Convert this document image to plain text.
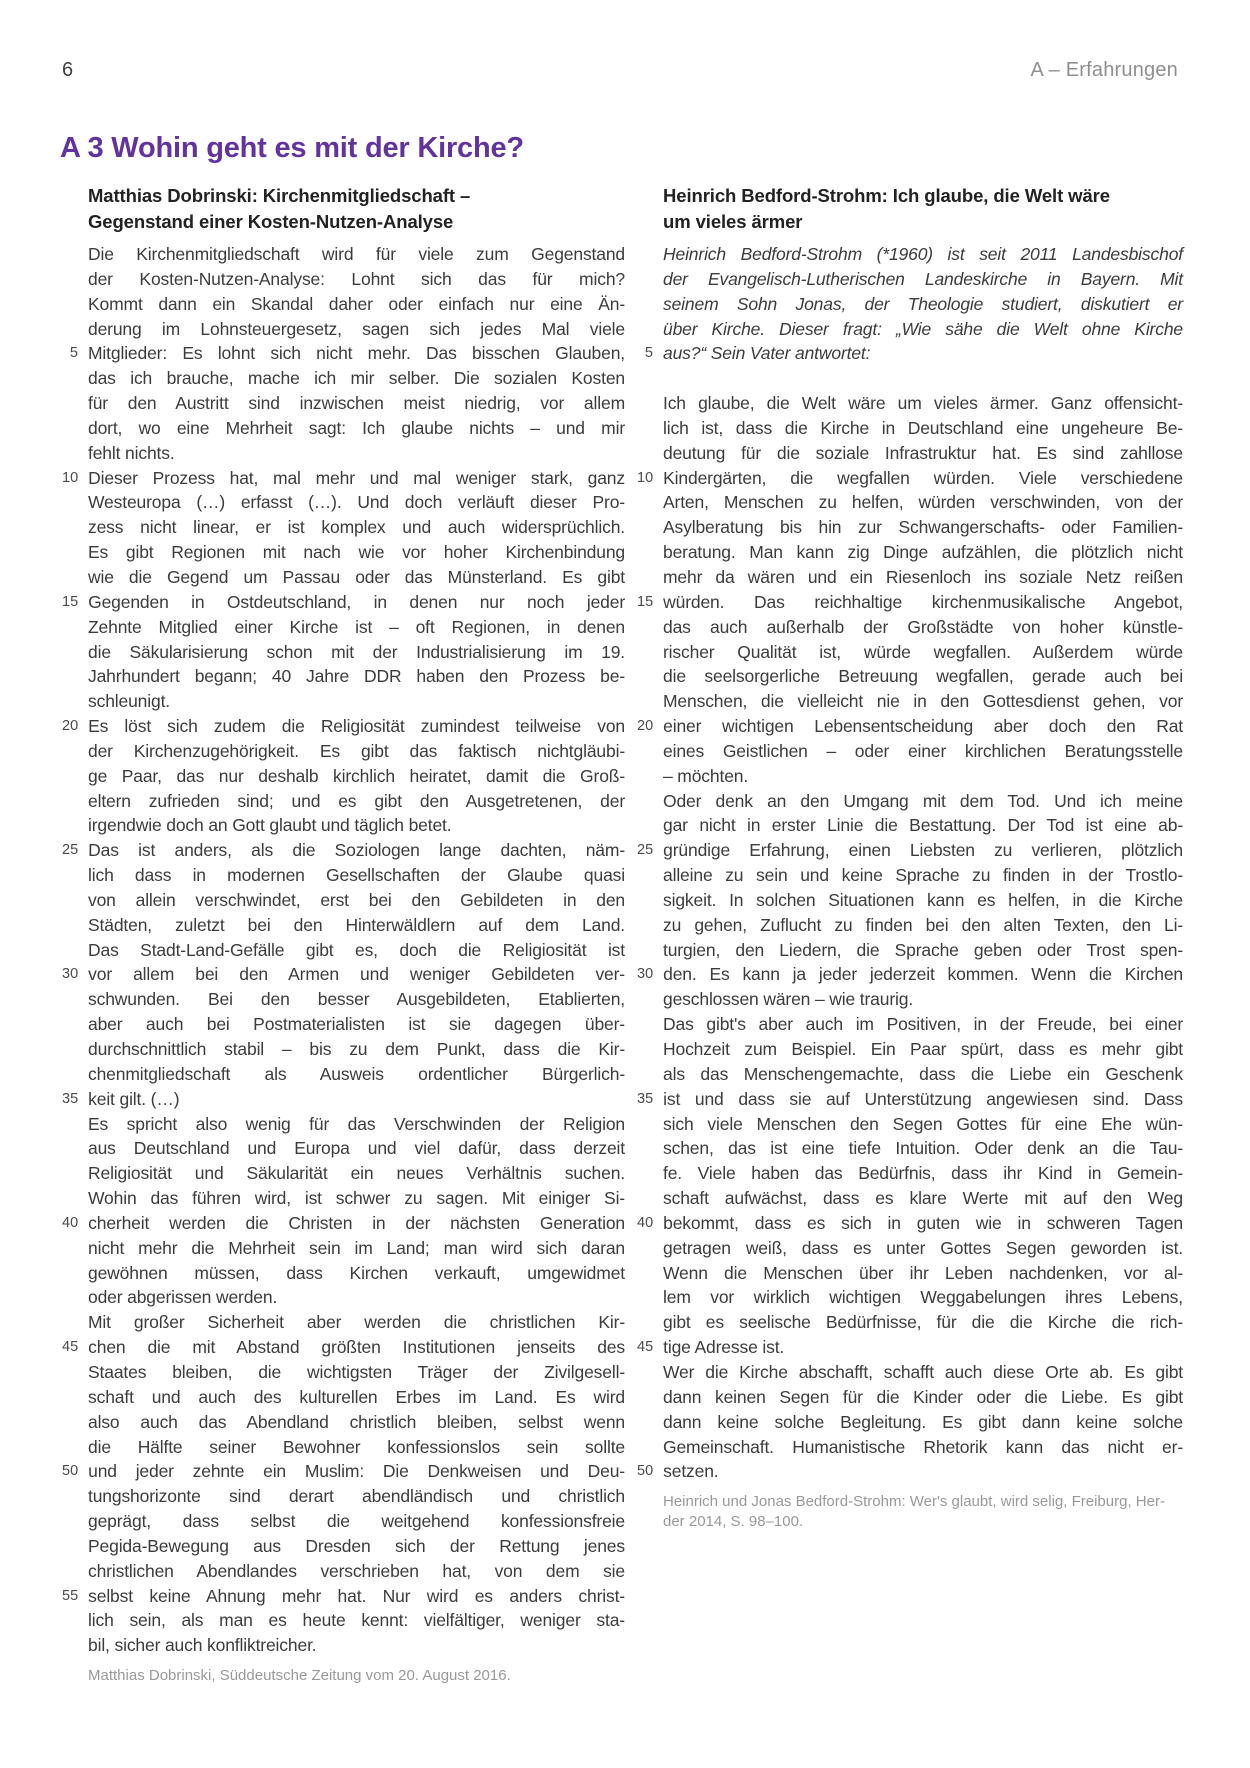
6	A – Erfahrungen
A 3 Wohin geht es mit der Kirche?
Matthias Dobrinski: Kirchenmitgliedschaft –
Gegenstand einer Kosten-Nutzen-Analyse
Die Kirchenmitgliedschaft wird für viele zum Gegenstand
der Kosten-Nutzen-Analyse: Lohnt sich das für mich?
Kommt dann ein Skandal daher oder einfach nur eine Än-
derung im Lohnsteuergesetz, sagen sich jedes Mal viele
5 Mitglieder: Es lohnt sich nicht mehr. Das bisschen Glauben,
das ich brauche, mache ich mir selber. Die sozialen Kosten
für den Austritt sind inzwischen meist niedrig, vor allem
dort, wo eine Mehrheit sagt: Ich glaube nichts – und mir
fehlt nichts.
10 Dieser Prozess hat, mal mehr und mal weniger stark, ganz
Westeuropa (…) erfasst (…). Und doch verläuft dieser Pro-
zess nicht linear, er ist komplex und auch widersprüchlich.
Es gibt Regionen mit nach wie vor hoher Kirchenbindung
wie die Gegend um Passau oder das Münsterland. Es gibt
15 Gegenden in Ostdeutschland, in denen nur noch jeder
Zehnte Mitglied einer Kirche ist – oft Regionen, in denen
die Säkularisierung schon mit der Industrialisierung im 19.
Jahrhundert begann; 40 Jahre DDR haben den Prozess be-
schleunigt.
20 Es löst sich zudem die Religiosität zumindest teilweise von
der Kirchenzugehörigkeit. Es gibt das faktisch nichtgläubi-
ge Paar, das nur deshalb kirchlich heiratet, damit die Groß-
eltern zufrieden sind; und es gibt den Ausgetretenen, der
irgendwie doch an Gott glaubt und täglich betet.
25 Das ist anders, als die Soziologen lange dachten, näm-
lich dass in modernen Gesellschaften der Glaube quasi
von allein verschwindet, erst bei den Gebildeten in den
Städten, zuletzt bei den Hinterwäldlern auf dem Land.
Das Stadt-Land-Gefälle gibt es, doch die Religiosität ist
30 vor allem bei den Armen und weniger Gebildeten ver-
schwunden. Bei den besser Ausgebildeten, Etablierten,
aber auch bei Postmaterialisten ist sie dagegen über-
durchschnittlich stabil – bis zu dem Punkt, dass die Kir-
chenmitgliedschaft als Ausweis ordentlicher Bürgerlich-
35 keit gilt. (…)
Es spricht also wenig für das Verschwinden der Religion
aus Deutschland und Europa und viel dafür, dass derzeit
Religiosität und Säkularität ein neues Verhältnis suchen.
Wohin das führen wird, ist schwer zu sagen. Mit einiger Si-
40 cherheit werden die Christen in der nächsten Generation
nicht mehr die Mehrheit sein im Land; man wird sich daran
gewöhnen müssen, dass Kirchen verkauft, umgewidmet
oder abgerissen werden.
Mit großer Sicherheit aber werden die christlichen Kir-
45 chen die mit Abstand größten Institutionen jenseits des
Staates bleiben, die wichtigsten Träger der Zivilgesell-
schaft und auch des kulturellen Erbes im Land. Es wird
also auch das Abendland christlich bleiben, selbst wenn
die Hälfte seiner Bewohner konfessionslos sein sollte
50 und jeder zehnte ein Muslim: Die Denkweisen und Deu-
tungshorizonte sind derart abendländisch und christlich
geprägt, dass selbst die weitgehend konfessionsfreie
Pegida-Bewegung aus Dresden sich der Rettung jenes
christlichen Abendlandes verschrieben hat, von dem sie
55 selbst keine Ahnung mehr hat. Nur wird es anders christ-
lich sein, als man es heute kennt: vielfältiger, weniger sta-
bil, sicher auch konfliktreicher.
Matthias Dobrinski, Süddeutsche Zeitung vom 20. August 2016.
Heinrich Bedford-Strohm: Ich glaube, die Welt wäre
um vieles ärmer
Heinrich Bedford-Strohm (*1960) ist seit 2011 Landesbischof
der Evangelisch-Lutherischen Landeskirche in Bayern. Mit
seinem Sohn Jonas, der Theologie studiert, diskutiert er
über Kirche. Dieser fragt: „Wie sähe die Welt ohne Kirche
5 aus?“ Sein Vater antwortet:
Ich glaube, die Welt wäre um vieles ärmer. Ganz offensicht-
lich ist, dass die Kirche in Deutschland eine ungeheure Be-
deutung für die soziale Infrastruktur hat. Es sind zahllose
10 Kindergärten, die wegfallen würden. Viele verschiedene
Arten, Menschen zu helfen, würden verschwinden, von der
Asylberatung bis hin zur Schwangerschafts- oder Familien-
beratung. Man kann zig Dinge aufzählen, die plötzlich nicht
mehr da wären und ein Riesenloch ins soziale Netz reißen
15 würden. Das reichhaltige kirchenmusikalische Angebot,
das auch außerhalb der Großstädte von hoher künstle-
rischer Qualität ist, würde wegfallen. Außerdem würde
die seelsorgerliche Betreuung wegfallen, gerade auch bei
Menschen, die vielleicht nie in den Gottesdienst gehen, vor
20 einer wichtigen Lebensentscheidung aber doch den Rat
eines Geistlichen – oder einer kirchlichen Beratungsstelle
– möchten.
Oder denk an den Umgang mit dem Tod. Und ich meine
gar nicht in erster Linie die Bestattung. Der Tod ist eine ab-
25 gründige Erfahrung, einen Liebsten zu verlieren, plötzlich
alleine zu sein und keine Sprache zu finden in der Trostlo-
sigkeit. In solchen Situationen kann es helfen, in die Kirche
zu gehen, Zuflucht zu finden bei den alten Texten, den Li-
turgien, den Liedern, die Sprache geben oder Trost spen-
30 den. Es kann ja jeder jederzeit kommen. Wenn die Kirchen
geschlossen wären – wie traurig.
Das gibt's aber auch im Positiven, in der Freude, bei einer
Hochzeit zum Beispiel. Ein Paar spürt, dass es mehr gibt
als das Menschengemachte, dass die Liebe ein Geschenk
35 ist und dass sie auf Unterstützung angewiesen sind. Dass
sich viele Menschen den Segen Gottes für eine Ehe wün-
schen, das ist eine tiefe Intuition. Oder denk an die Tau-
fe. Viele haben das Bedürfnis, dass ihr Kind in Gemein-
schaft aufwächst, dass es klare Werte mit auf den Weg
40 bekommt, dass es sich in guten wie in schweren Tagen
getragen weiß, dass es unter Gottes Segen geworden ist.
Wenn die Menschen über ihr Leben nachdenken, vor al-
lem vor wirklich wichtigen Weggabelungen ihres Lebens,
gibt es seelische Bedürfnisse, für die die Kirche die rich-
45 tige Adresse ist.
Wer die Kirche abschafft, schafft auch diese Orte ab. Es gibt
dann keinen Segen für die Kinder oder die Liebe. Es gibt
dann keine solche Begleitung. Es gibt dann keine solche
Gemeinschaft. Humanistische Rhetorik kann das nicht er-
50 setzen.
Heinrich und Jonas Bedford-Strohm: Wer's glaubt, wird selig, Freiburg, Her-
der 2014, S. 98–100.
